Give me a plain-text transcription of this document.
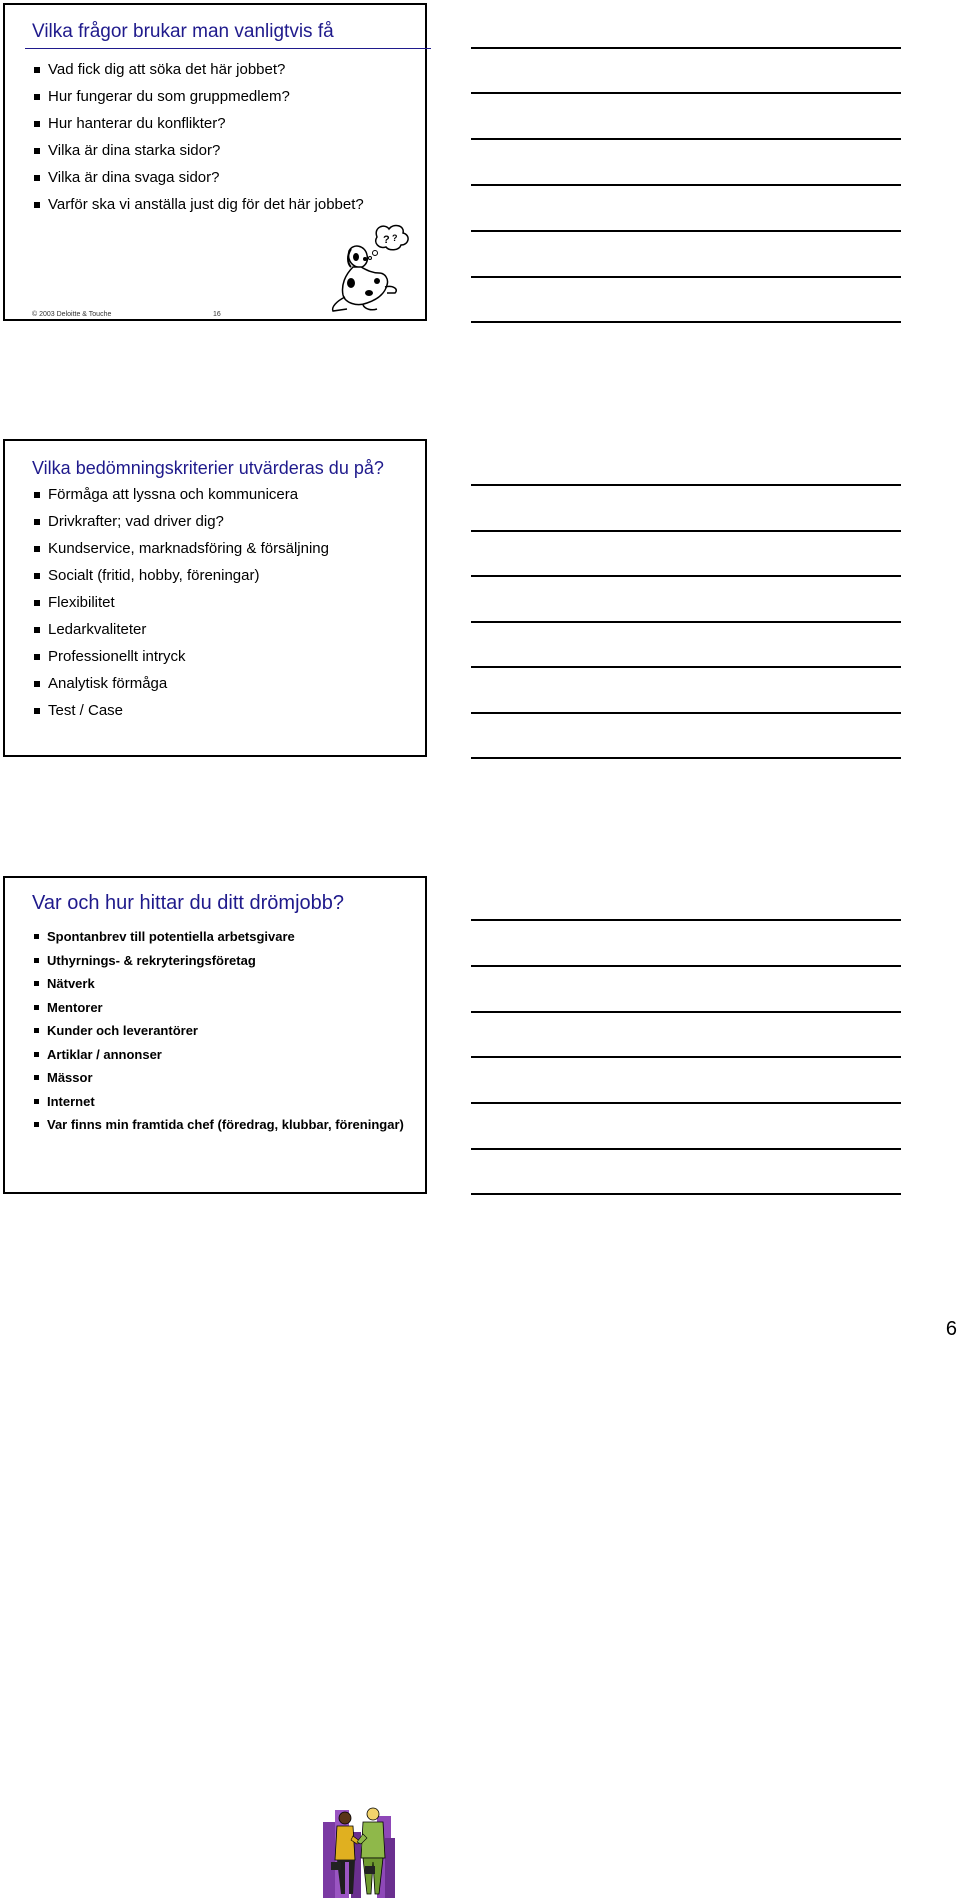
Vilka frågor brukar man vanligtvis få
Vad fick dig att söka det här jobbet?
Hur fungerar du som gruppmedlem?
Hur hanterar du konflikter?
Vilka är dina starka sidor?
Vilka är dina svaga sidor?
Varför ska vi anställa just dig för det här jobbet?
? ?
© 2003 Deloitte & Touche	16
Vilka bedömningskriterier utvärderas du på?
Förmåga att lyssna och kommunicera
Drivkrafter; vad driver dig?
Kundservice, marknadsföring & försäljning
Socialt (fritid, hobby, föreningar)
Flexibilitet
Ledarkvaliteter
Professionellt intryck
Analytisk förmåga
Test / Case
Var och hur hittar du ditt drömjobb?
Spontanbrev till potentiella arbetsgivare
Uthyrnings- & rekryteringsföretag
Nätverk
Mentorer
Kunder och leverantörer
Artiklar / annonser
Mässor
Internet
Var finns min framtida chef (föredrag, klubbar, föreningar)
6
